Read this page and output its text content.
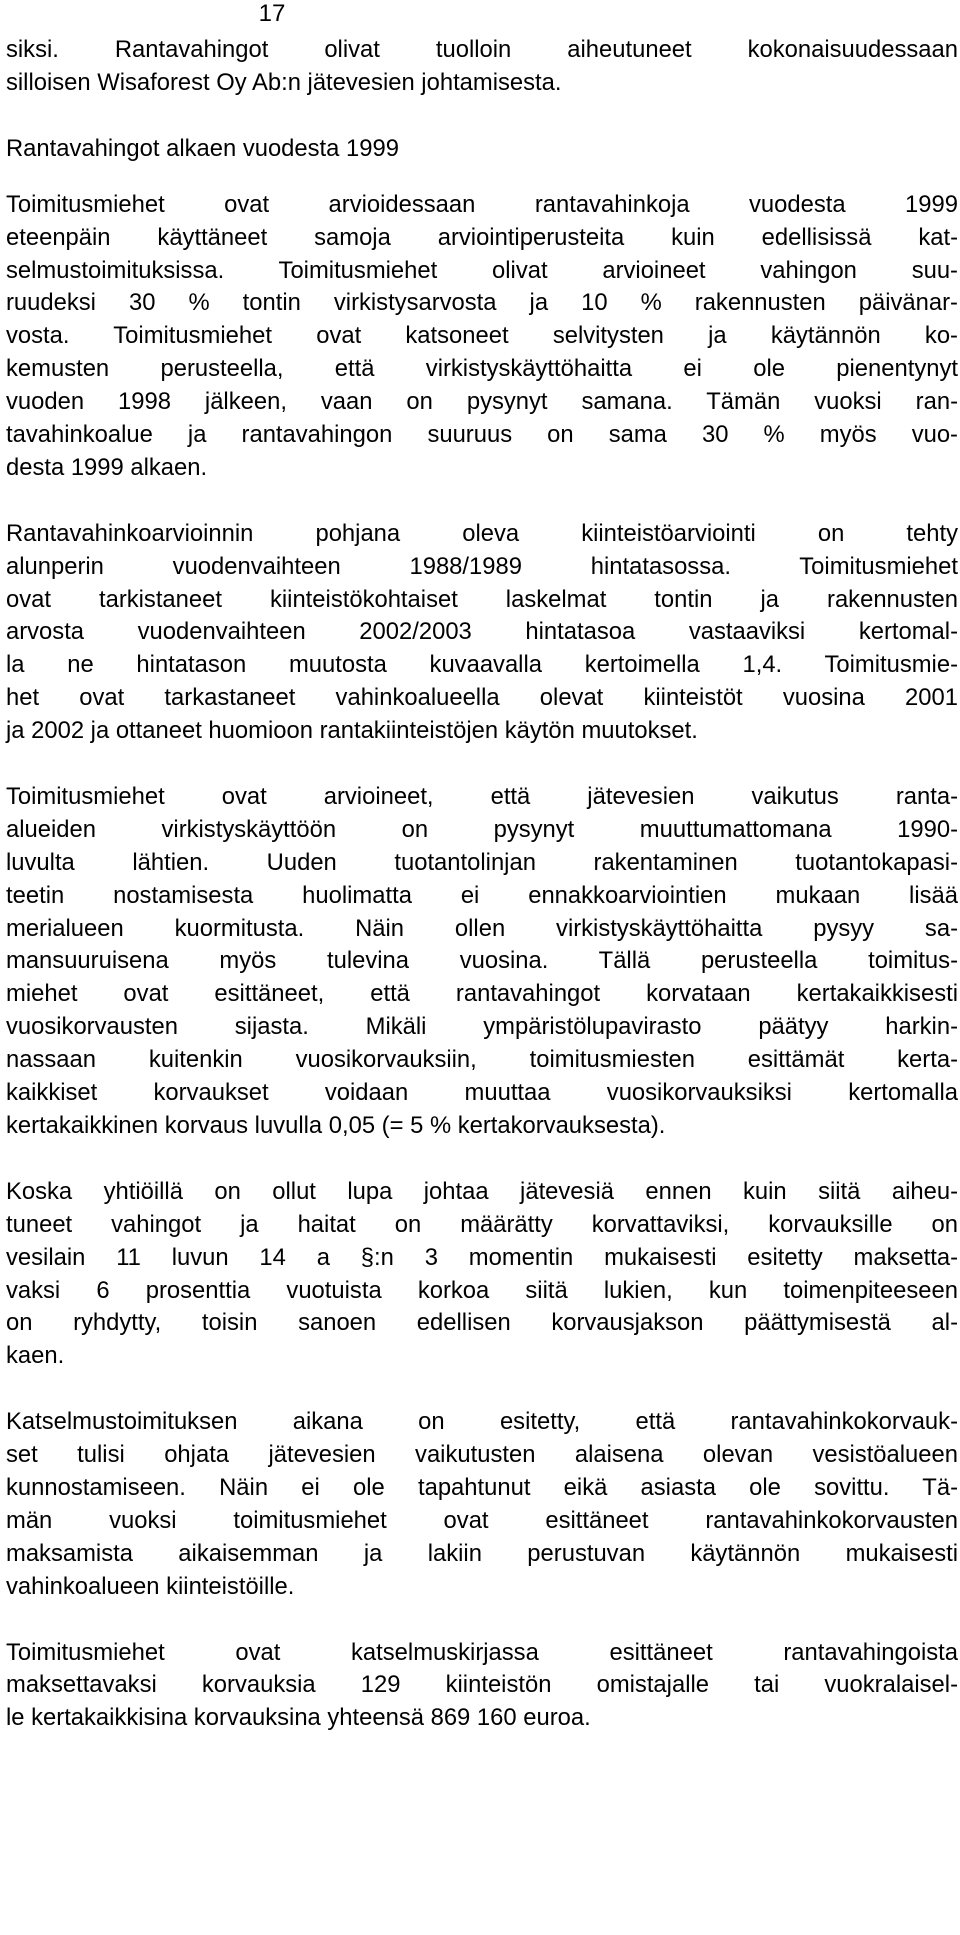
17
siksi. Rantavahingot olivat tuolloin aiheutuneet kokonaisuudessaan
silloisen Wisaforest Oy Ab:n jätevesien johtamisesta.
Rantavahingot alkaen vuodesta 1999
Toimitusmiehet ovat arvioidessaan rantavahinkoja vuodesta 1999
eteenpäin käyttäneet samoja arviointiperusteita kuin edellisissä kat-
selmustoimituksissa. Toimitusmiehet olivat arvioineet vahingon suu-
ruudeksi 30 % tontin virkistysarvosta ja 10 % rakennusten päivänar-
vosta. Toimitusmiehet ovat katsoneet selvitysten ja käytännön ko-
kemusten perusteella, että virkistyskäyttöhaitta ei ole pienentynyt
vuoden 1998 jälkeen, vaan on pysynyt samana. Tämän vuoksi ran-
tavahinkoalue ja rantavahingon suuruus on sama 30 % myös vuo-
desta 1999 alkaen.
Rantavahinkoarvioinnin pohjana oleva kiinteistöarviointi on tehty
alunperin vuodenvaihteen 1988/1989 hintatasossa. Toimitusmiehet
ovat tarkistaneet kiinteistökohtaiset laskelmat tontin ja rakennusten
arvosta vuodenvaihteen 2002/2003 hintatasoa vastaaviksi kertomal-
la ne hintatason muutosta kuvaavalla kertoimella 1,4. Toimitusmie-
het ovat tarkastaneet vahinkoalueella olevat kiinteistöt vuosina 2001
ja 2002 ja ottaneet huomioon rantakiinteistöjen käytön muutokset.
Toimitusmiehet ovat arvioineet, että jätevesien vaikutus ranta-
alueiden virkistyskäyttöön on pysynyt muuttumattomana 1990-
luvulta lähtien. Uuden tuotantolinjan rakentaminen tuotantokapasi-
teetin nostamisesta huolimatta ei ennakkoarviointien mukaan lisää
merialueen kuormitusta. Näin ollen virkistyskäyttöhaitta pysyy sa-
mansuuruisena myös tulevina vuosina. Tällä perusteella toimitus-
miehet ovat esittäneet, että rantavahingot korvataan kertakaikkisesti
vuosikorvausten sijasta. Mikäli ympäristölupavirasto päätyy harkin-
nassaan kuitenkin vuosikorvauksiin, toimitusmiesten esittämät kerta-
kaikkiset korvaukset voidaan muuttaa vuosikorvauksiksi kertomalla
kertakaikkinen korvaus luvulla 0,05 (= 5 % kertakorvauksesta).
Koska yhtiöillä on ollut lupa johtaa jätevesiä ennen kuin siitä aiheu-
tuneet vahingot ja haitat on määrätty korvattaviksi, korvauksille on
vesilain 11 luvun 14 a §:n 3 momentin mukaisesti esitetty maksetta-
vaksi 6 prosenttia vuotuista korkoa siitä lukien, kun toimenpiteeseen
on ryhdytty, toisin sanoen edellisen korvausjakson päättymisestä al-
kaen.
Katselmustoimituksen aikana on esitetty, että rantavahinkokorvauk-
set tulisi ohjata jätevesien vaikutusten alaisena olevan vesistöalueen
kunnostamiseen. Näin ei ole tapahtunut eikä asiasta ole sovittu. Tä-
män vuoksi toimitusmiehet ovat esittäneet rantavahinkokorvausten
maksamista aikaisemman ja lakiin perustuvan käytännön mukaisesti
vahinkoalueen kiinteistöille.
Toimitusmiehet ovat katselmuskirjassa esittäneet rantavahingoista
maksettavaksi korvauksia 129 kiinteistön omistajalle tai vuokralaisel-
le kertakaikkisina korvauksina yhteensä 869 160 euroa.
